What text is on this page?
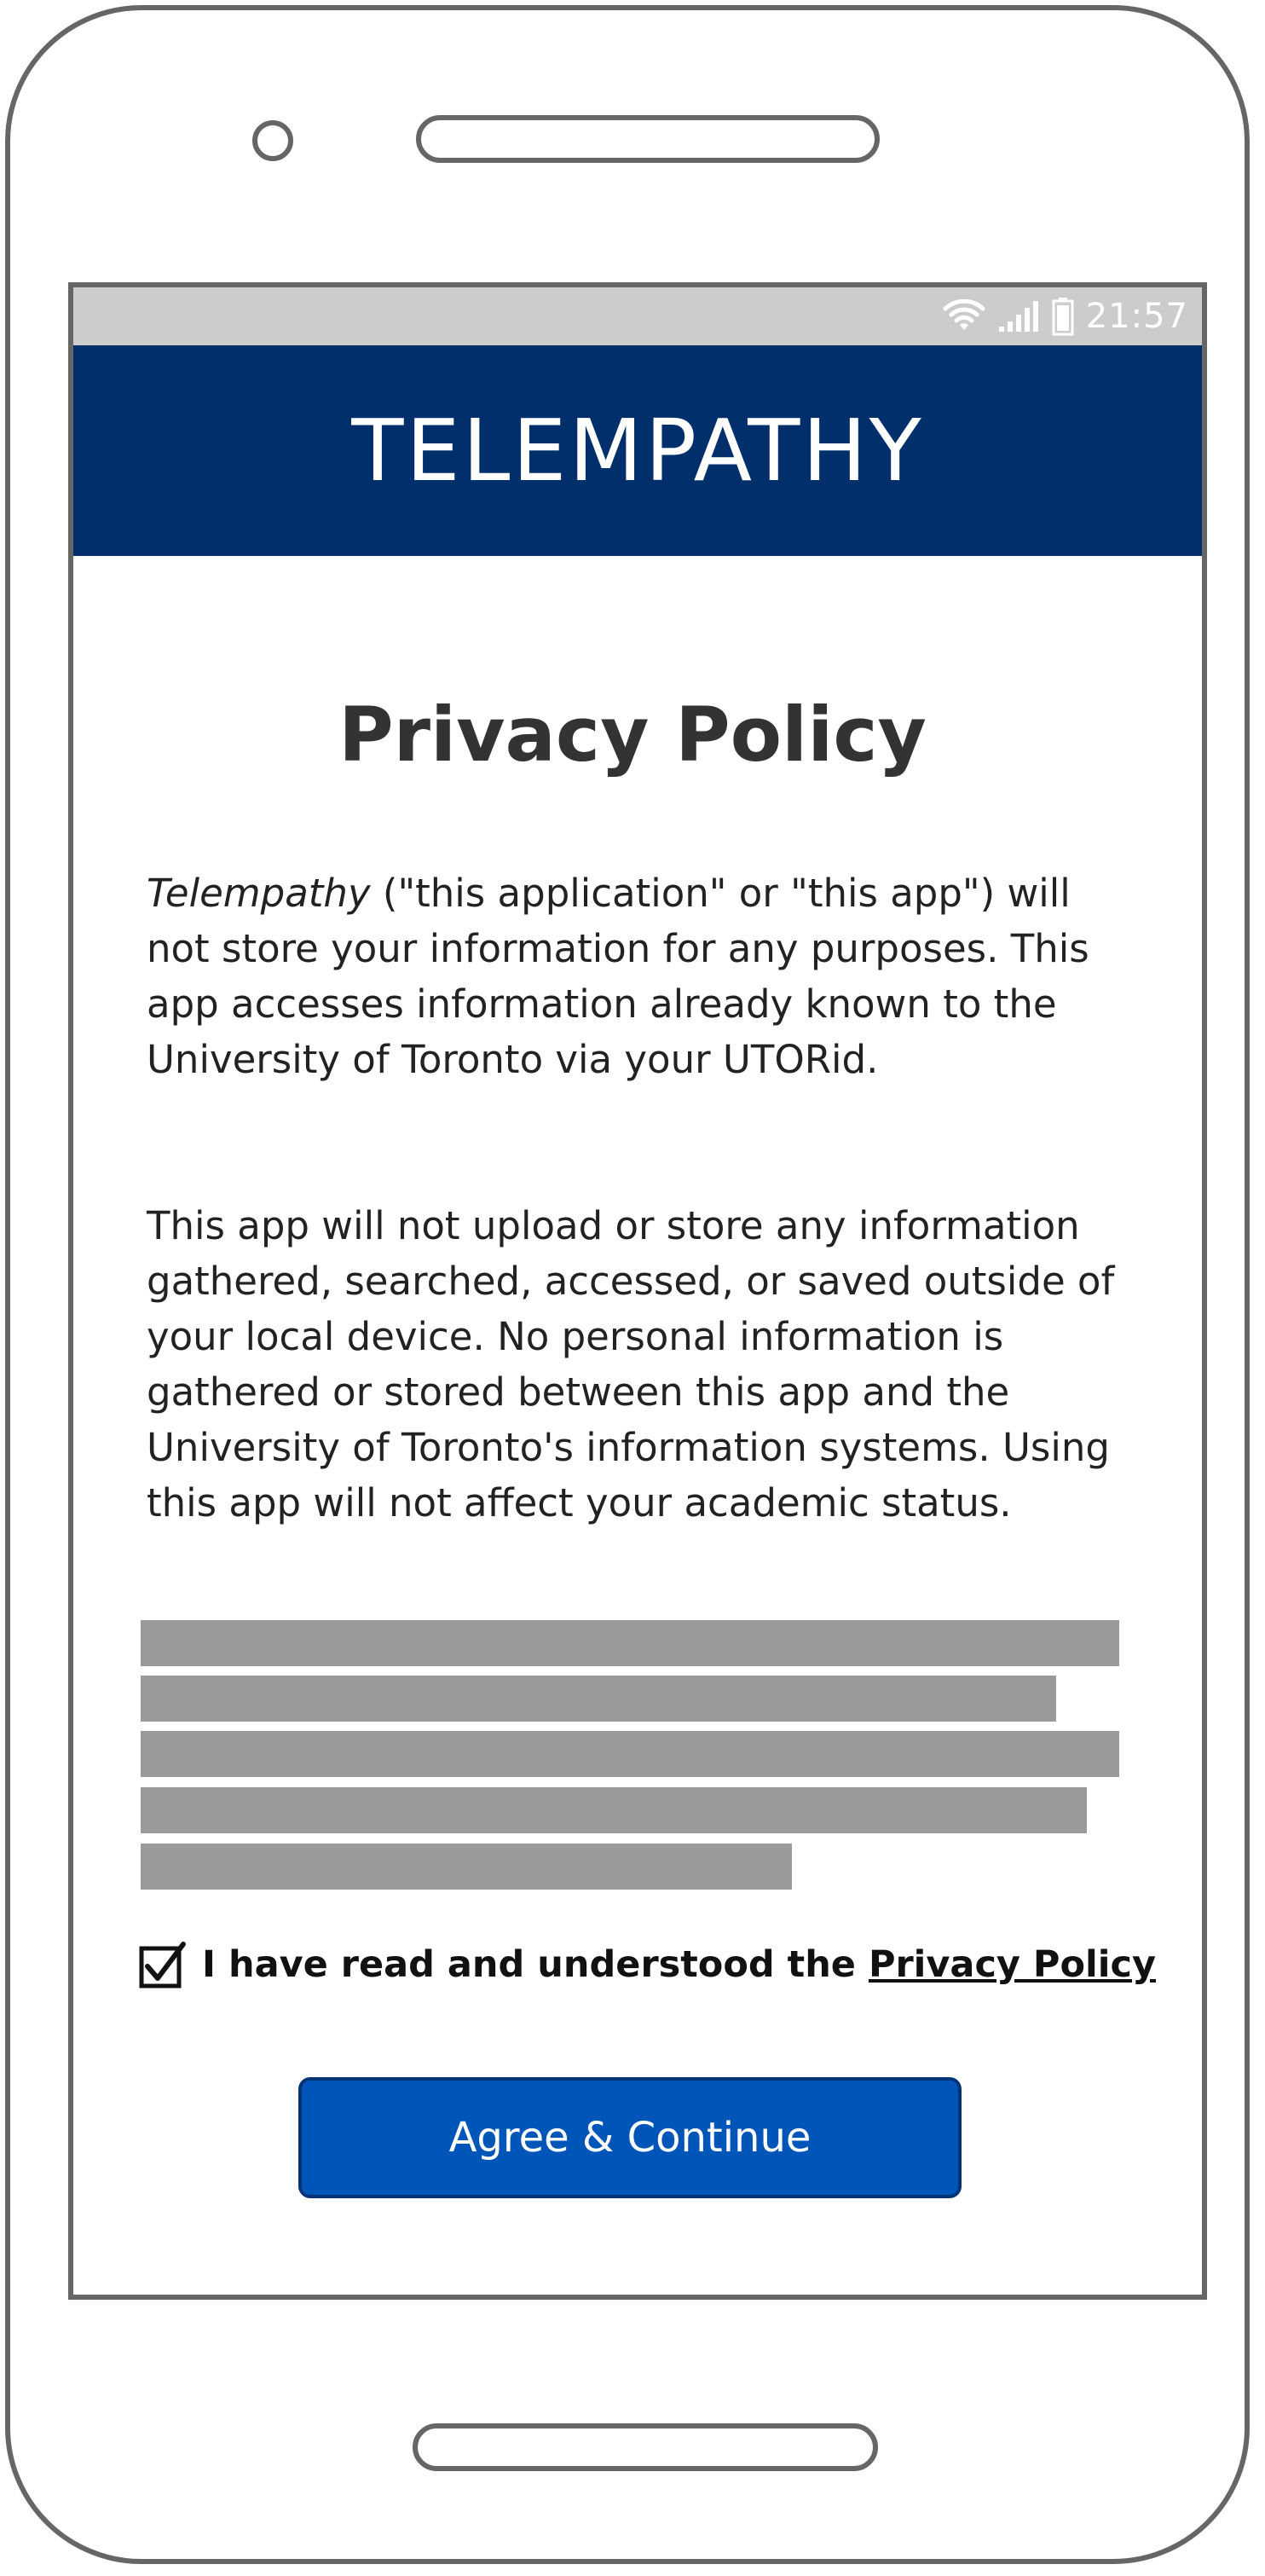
21:57
TELEMPATHY
Privacy Policy

Telempathy ("this application" or "this app") will not store your information for any purposes. This app accesses information already known to the University of Toronto via your UTORid.

This app will not upload or store any information gathered, searched, accessed, or saved outside of your local device. No personal information is gathered or stored between this app and the University of Toronto's information systems. Using this app will not affect your academic status.

I have read and understood the Privacy Policy
Agree & Continue
